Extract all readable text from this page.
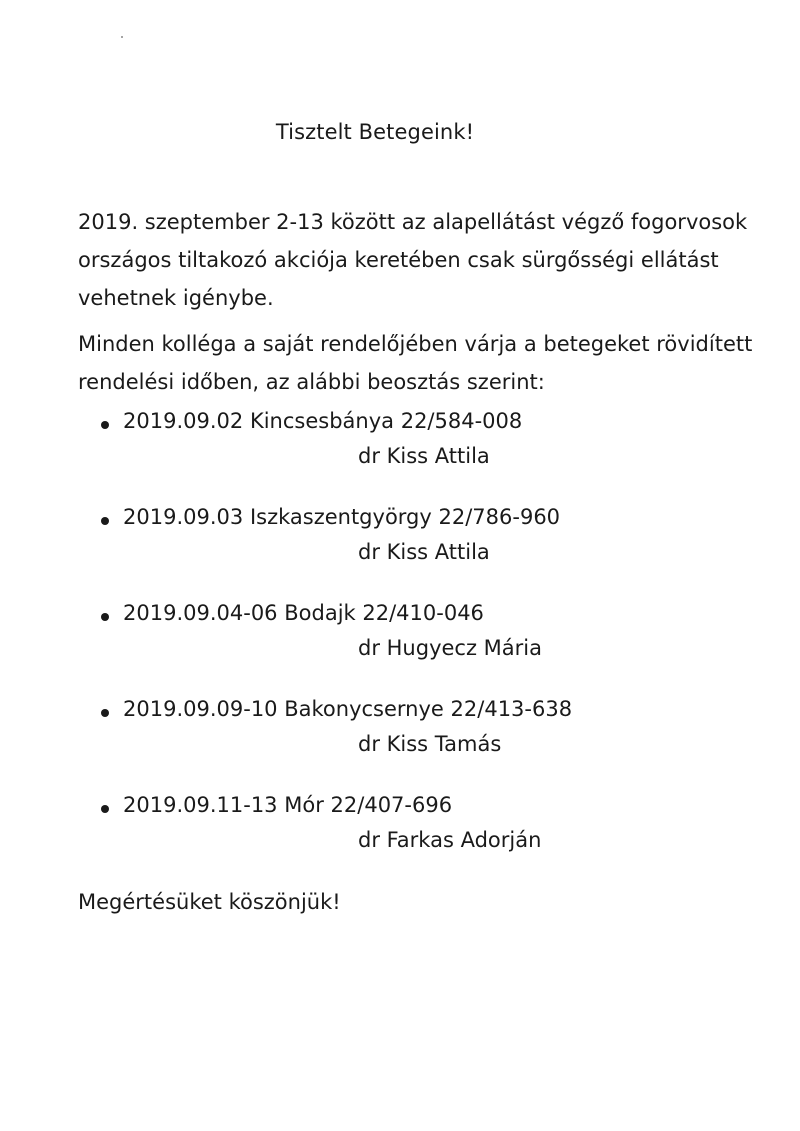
Tisztelt Betegeink!
2019. szeptember 2-13 között az alapellátást végző fogorvosok országos tiltakozó akciója keretében csak sürgősségi ellátást vehetnek igénybe.
Minden kolléga a saját rendelőjében várja a betegeket rövidített rendelési időben, az alábbi beosztás szerint:
2019.09.02 Kincsesbánya 22/584-008
dr Kiss Attila
2019.09.03 Iszkaszentgyörgy 22/786-960
dr Kiss Attila
2019.09.04-06 Bodajk 22/410-046
dr Hugyecz Mária
2019.09.09-10 Bakonycsernye 22/413-638
dr Kiss Tamás
2019.09.11-13 Mór 22/407-696
dr Farkas Adorján
Megértésüket köszönjük!
